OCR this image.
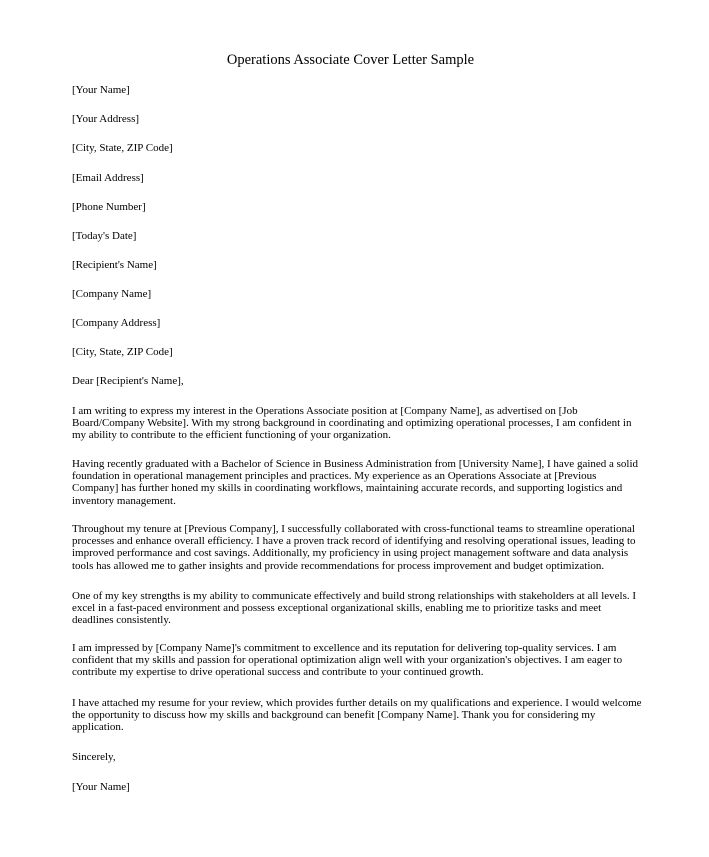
Operations Associate Cover Letter Sample
[Your Name]
[Your Address]
[City, State, ZIP Code]
[Email Address]
[Phone Number]
[Today's Date]
[Recipient's Name]
[Company Name]
[Company Address]
[City, State, ZIP Code]
Dear [Recipient's Name],
I am writing to express my interest in the Operations Associate position at [Company Name], as advertised on [Job
Board/Company Website]. With my strong background in coordinating and optimizing operational processes, I am confident in
my ability to contribute to the efficient functioning of your organization.
Having recently graduated with a Bachelor of Science in Business Administration from [University Name], I have gained a solid
foundation in operational management principles and practices. My experience as an Operations Associate at [Previous
Company] has further honed my skills in coordinating workflows, maintaining accurate records, and supporting logistics and
inventory management.
Throughout my tenure at [Previous Company], I successfully collaborated with cross-functional teams to streamline operational
processes and enhance overall efficiency. I have a proven track record of identifying and resolving operational issues, leading to
improved performance and cost savings. Additionally, my proficiency in using project management software and data analysis
tools has allowed me to gather insights and provide recommendations for process improvement and budget optimization.
One of my key strengths is my ability to communicate effectively and build strong relationships with stakeholders at all levels. I
excel in a fast-paced environment and possess exceptional organizational skills, enabling me to prioritize tasks and meet
deadlines consistently.
I am impressed by [Company Name]'s commitment to excellence and its reputation for delivering top-quality services. I am
confident that my skills and passion for operational optimization align well with your organization's objectives. I am eager to
contribute my expertise to drive operational success and contribute to your continued growth.
I have attached my resume for your review, which provides further details on my qualifications and experience. I would welcome
the opportunity to discuss how my skills and background can benefit [Company Name]. Thank you for considering my
application.
Sincerely,
[Your Name]
